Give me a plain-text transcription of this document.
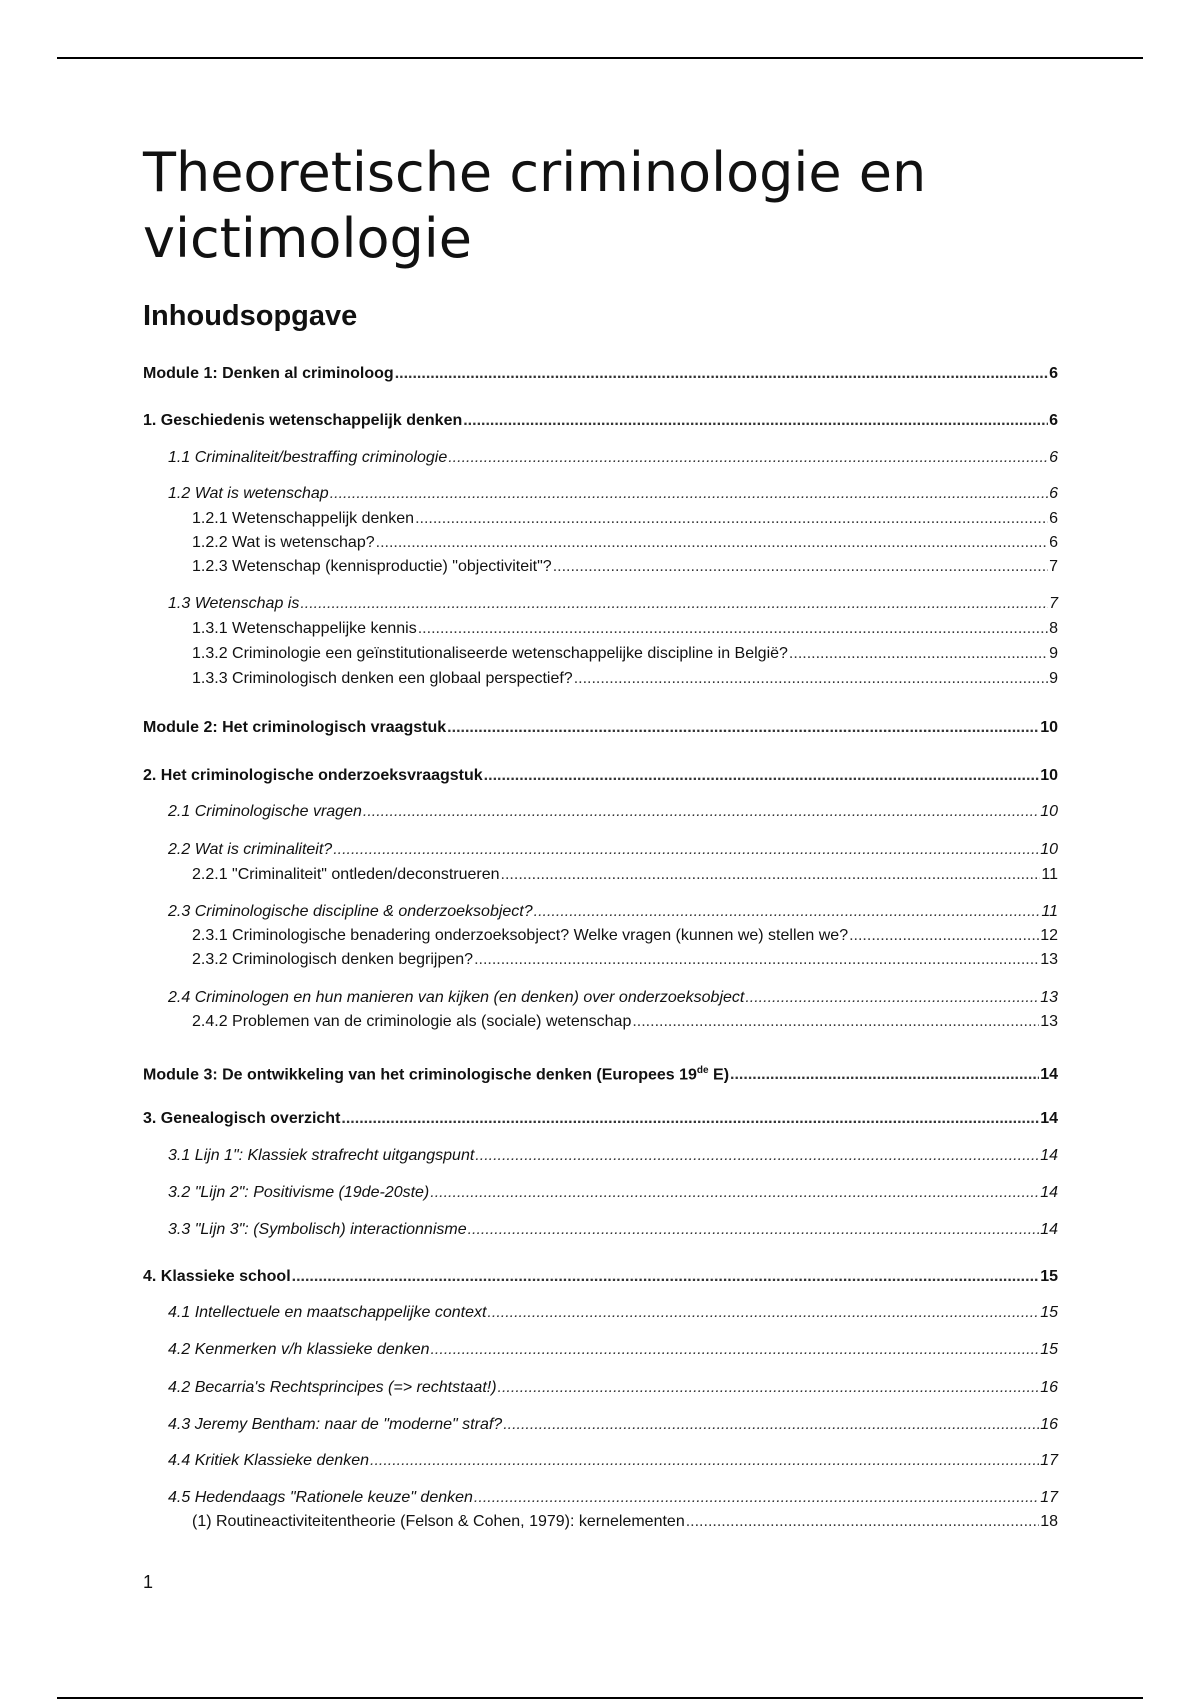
Theoretische criminologie en victimologie
Inhoudsopgave
Module 1: Denken al criminoloog .....	6
1. Geschiedenis wetenschappelijk denken .....	6
1.1 Criminaliteit/bestraffing criminologie .....	6
1.2 Wat is wetenschap .....	6
1.2.1 Wetenschappelijk denken .....	6
1.2.2 Wat is wetenschap? .....	6
1.2.3 Wetenschap (kennisproductie) "objectiviteit"? .....	7
1.3 Wetenschap is .....	7
1.3.1 Wetenschappelijke kennis .....	8
1.3.2 Criminologie een geïnstitutionaliseerde wetenschappelijke discipline in België? .....	9
1.3.3 Criminologisch denken een globaal perspectief? .....	9
Module 2: Het criminologisch vraagstuk .....	10
2. Het criminologische onderzoeksvraagstuk .....	10
2.1 Criminologische vragen .....	10
2.2 Wat is criminaliteit? .....	10
2.2.1 "Criminaliteit" ontleden/deconstrueren .....	11
2.3 Criminologische discipline & onderzoeksobject? .....	11
2.3.1 Criminologische benadering onderzoeksobject? Welke vragen (kunnen we) stellen we? .....	12
2.3.2 Criminologisch denken begrijpen? .....	13
2.4 Criminologen en hun manieren van kijken (en denken) over onderzoeksobject .....	13
2.4.2 Problemen van de criminologie als (sociale) wetenschap .....	13
Module 3: De ontwikkeling van het criminologische denken (Europees 19de E) .....	14
3. Genealogisch overzicht .....	14
3.1 Lijn 1": Klassiek strafrecht uitgangspunt .....	14
3.2 "Lijn 2": Positivisme (19de-20ste) .....	14
3.3 "Lijn 3": (Symbolisch) interactionnisme .....	14
4. Klassieke school .....	15
4.1 Intellectuele en maatschappelijke context .....	15
4.2 Kenmerken v/h klassieke denken .....	15
4.2 Becarria's Rechtsprincipes (=> rechtstaat!) .....	16
4.3 Jeremy Bentham: naar de "moderne" straf? .....	16
4.4 Kritiek Klassieke denken .....	17
4.5 Hedendaags "Rationele keuze" denken .....	17
(1) Routineactiviteitentheorie (Felson & Cohen, 1979): kernelementen .....	18
1
